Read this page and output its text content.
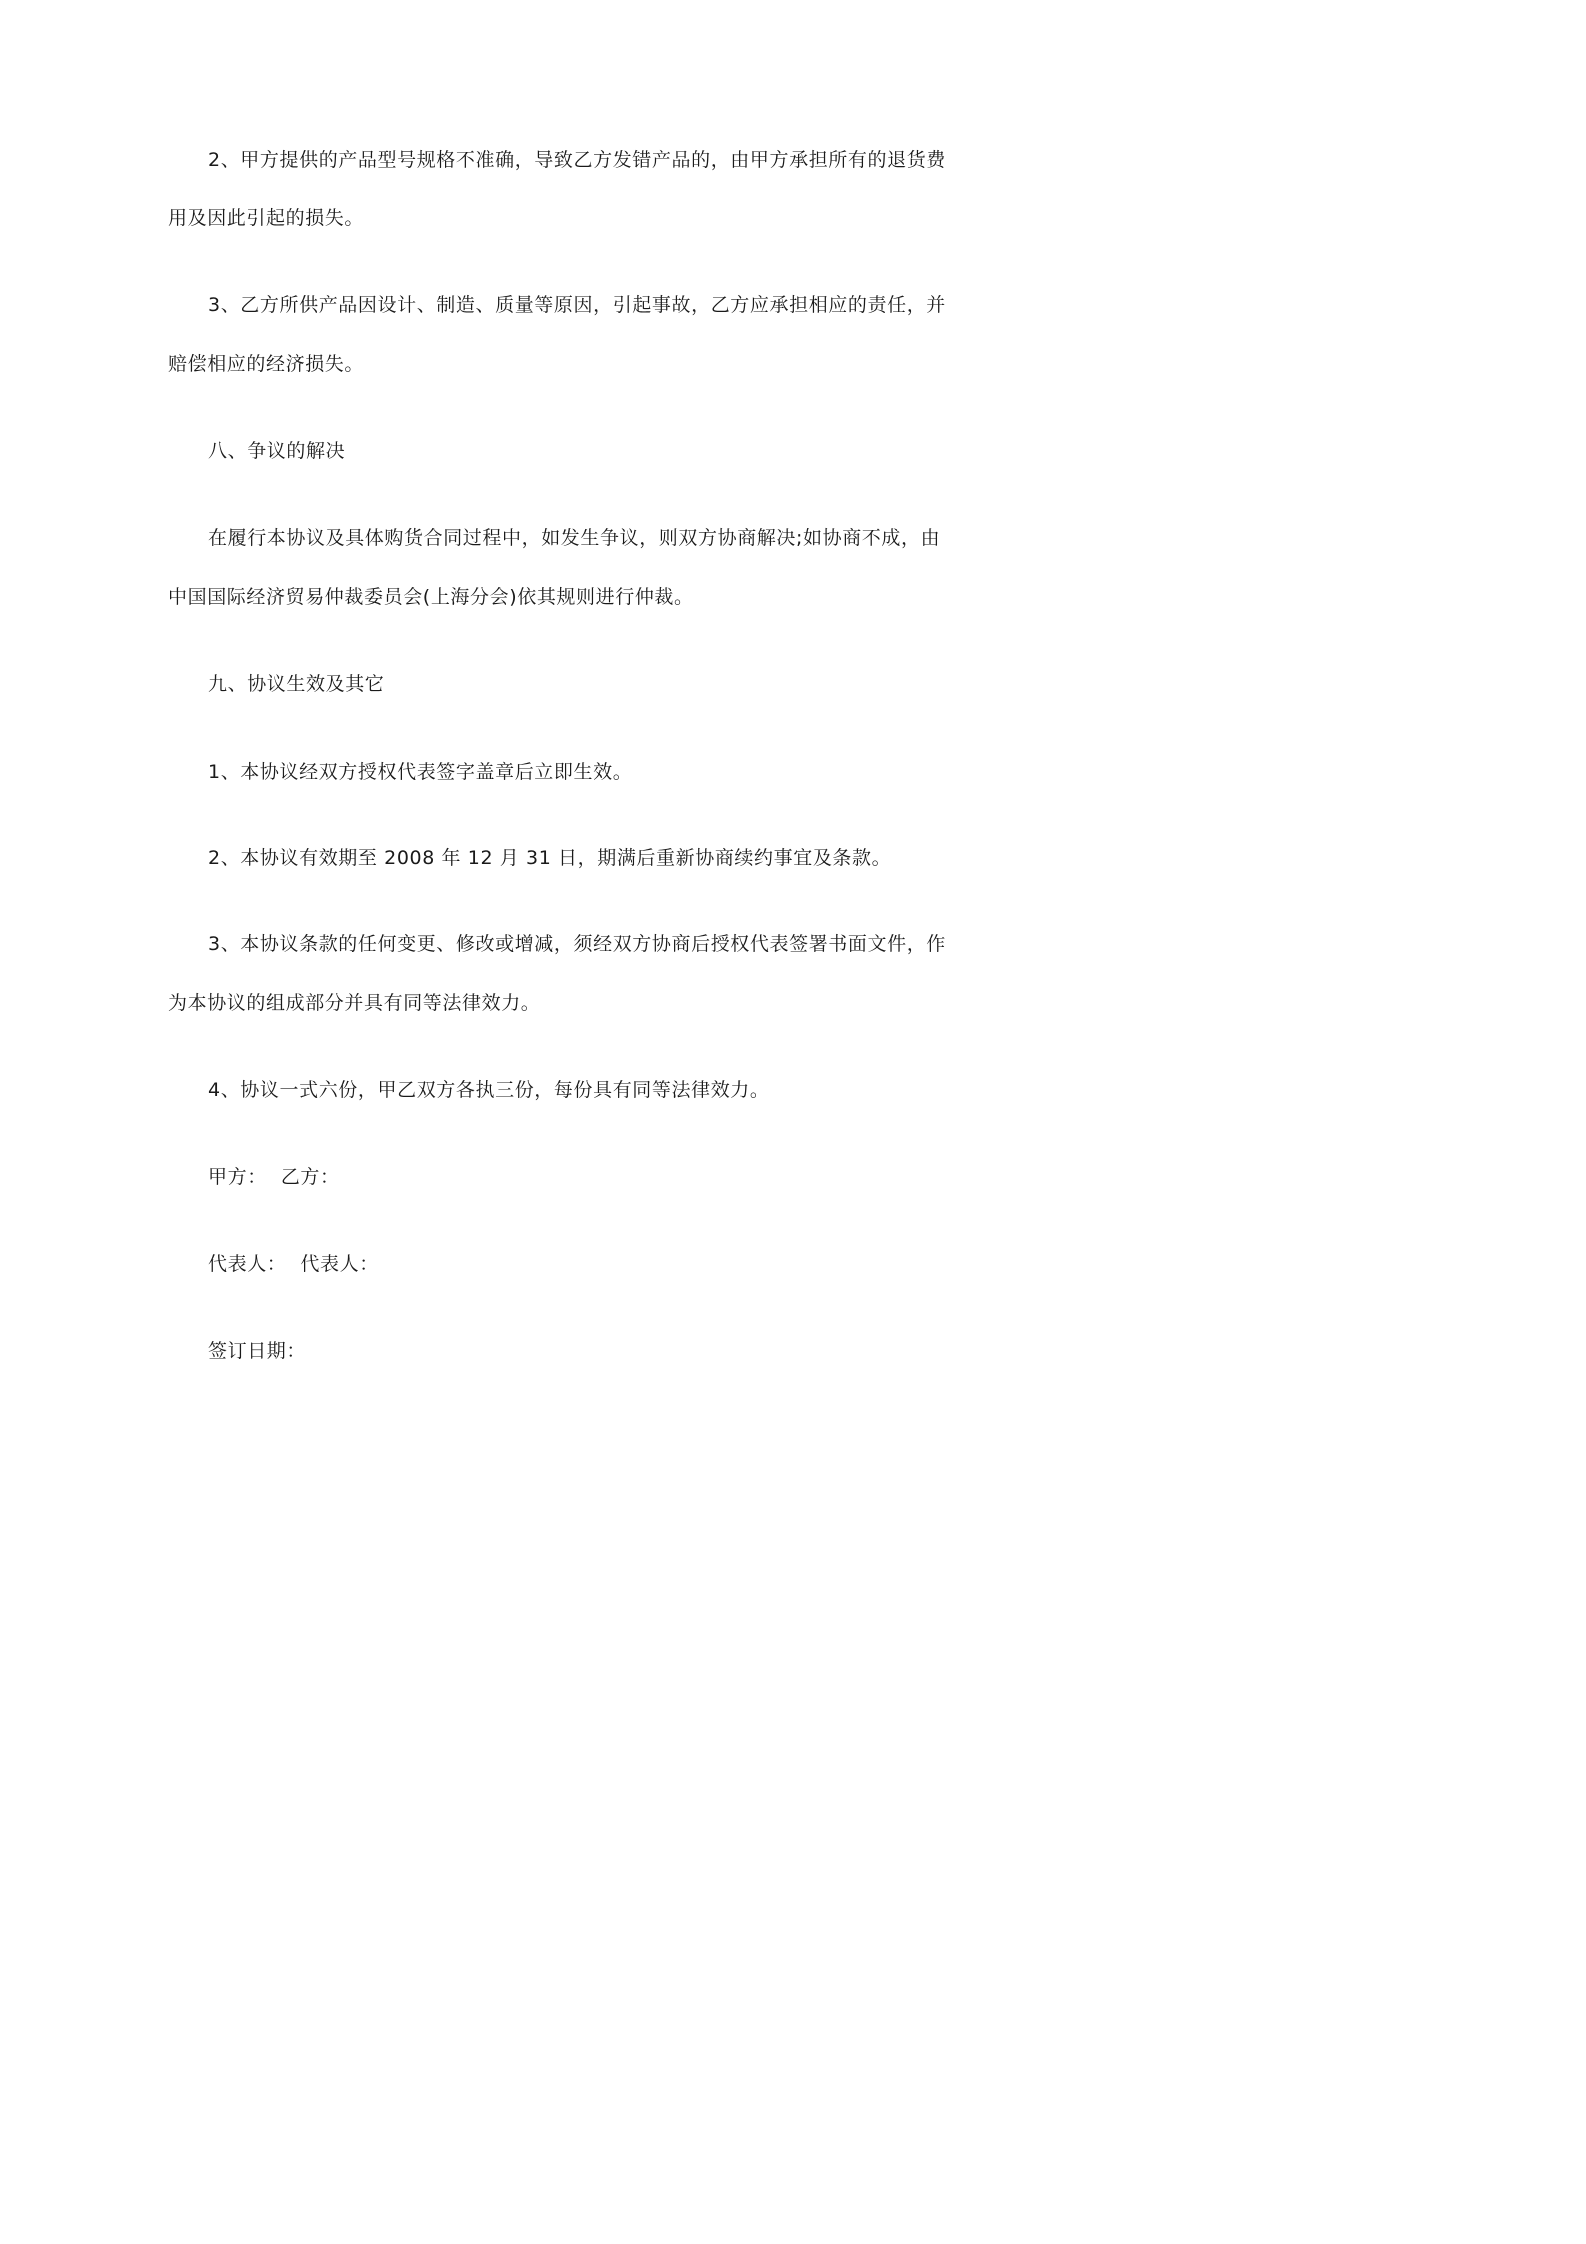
2、甲方提供的产品型号规格不准确，导致乙方发错产品的，由甲方承担所有的退货费
用及因此引起的损失。
3、乙方所供产品因设计、制造、质量等原因，引起事故，乙方应承担相应的责任，并
赔偿相应的经济损失。
八、争议的解决
在履行本协议及具体购货合同过程中，如发生争议，则双方协商解决;如协商不成，由
中国国际经济贸易仲裁委员会(上海分会)依其规则进行仲裁。
九、协议生效及其它
1、本协议经双方授权代表签字盖章后立即生效。
2、本协议有效期至 2008 年 12 月 31 日，期满后重新协商续约事宜及条款。
3、本协议条款的任何变更、修改或增减，须经双方协商后授权代表签署书面文件，作
为本协议的组成部分并具有同等法律效力。
4、协议一式六份，甲乙双方各执三份，每份具有同等法律效力。
甲方： 乙方：
代表人： 代表人：
签订日期：
